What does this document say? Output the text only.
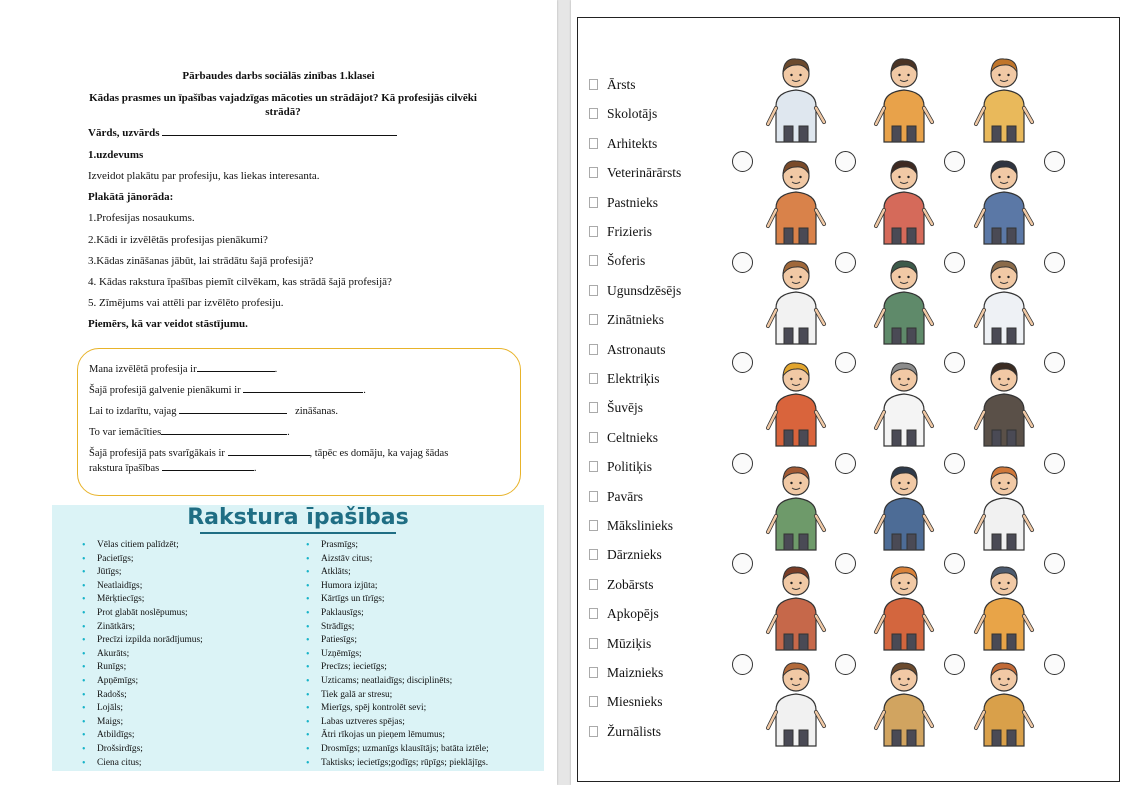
Pārbaudes darbs sociālās zinības 1.klasei
Kādas prasmes un īpašības vajadzīgas mācoties un strādājot? Kā profesijās cilvēki strādā?
Vārds, uzvārds
1.uzdevums
Izveidot plakātu par profesiju, kas liekas interesanta.
Plakātā jānorāda:
1.Profesijas nosaukums.
2.Kādi ir izvēlētās profesijas pienākumi?
3.Kādas zināšanas jābūt, lai strādātu šajā profesijā?
4. Kādas rakstura īpašības piemīt cilvēkam, kas strādā šajā profesijā?
5. Zīmējums vai attēli par izvēlēto profesiju.
Piemērs, kā var veidot stāstījumu.
Mana izvēlētā profesija ir	.
Šajā profesijā galvenie pienākumi ir	.
Lai to izdarītu, vajag	zināšanas.
To var iemācīties	.
Šajā profesijā pats svarīgākais ir	, tāpēc es domāju, ka vajag šādas
rakstura īpašības	.
Rakstura īpašības
• Vēlas citiem palīdzēt;
• Pacietīgs;
• Jūtīgs;
• Neatlaidīgs;
• Mērķtiecīgs;
• Prot glabāt noslēpumus;
• Zinātkārs;
• Precīzi izpilda norādījumus;
• Akurāts;
• Runīgs;
• Apņēmīgs;
• Radošs;
• Lojāls;
• Maigs;
• Atbildīgs;
• Drošsirdīgs;
• Ciena citus;
• Prasmīgs;
• Aizstāv citus;
• Atklāts;
• Humora izjūta;
• Kārtīgs un tīrīgs;
• Paklausīgs;
• Strādīgs;
• Patiesīgs;
• Uzņēmīgs;
• Precīzs; iecietīgs;
• Uzticams; neatlaidīgs; disciplinēts;
• Tiek galā ar stresu;
• Mierīgs, spēj kontrolēt sevi;
• Labas uztveres spējas;
• Ātri rīkojas un pieņem lēmumus;
• Drosmīgs; uzmanīgs klausītājs; batāta iztēle;
• Taktisks; iecietīgs;godīgs; rūpīgs; pieklājīgs.
Ārsts
Skolotājs
Arhitekts
Veterinārārsts
Pastnieks
Frizieris
Šoferis
Ugunsdzēsējs
Zinātnieks
Astronauts
Elektriķis
Šuvējs
Celtnieks
Politiķis
Pavārs
Mākslinieks
Dārznieks
Zobārsts
Apkopējs
Mūziķis
Maiznieks
Miesnieks
Žurnālists
